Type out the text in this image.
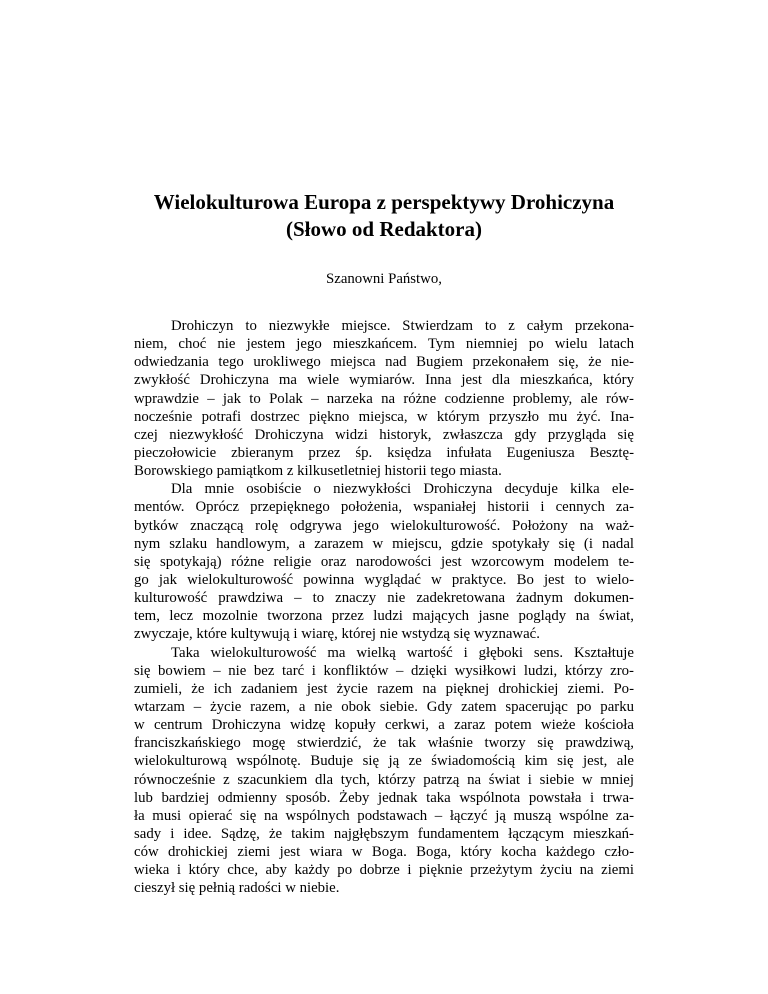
Wielokulturowa Europa z perspektywy Drohiczyna
(Słowo od Redaktora)
Szanowni Państwo,
Drohiczyn to niezwykłe miejsce. Stwierdzam to z całym przekona-
niem, choć nie jestem jego mieszkańcem. Tym niemniej po wielu latach
odwiedzania tego urokliwego miejsca nad Bugiem przekonałem się, że nie-
zwykłość Drohiczyna ma wiele wymiarów. Inna jest dla mieszkańca, który
wprawdzie – jak to Polak – narzeka na różne codzienne problemy, ale rów-
nocześnie potrafi dostrzec piękno miejsca, w którym przyszło mu żyć. Ina-
czej niezwykłość Drohiczyna widzi historyk, zwłaszcza gdy przygląda się
pieczołowicie zbieranym przez śp. księdza infułata Eugeniusza Besztę-
Borowskiego pamiątkom z kilkusetletniej historii tego miasta.
Dla mnie osobiście o niezwykłości Drohiczyna decyduje kilka ele-
mentów. Oprócz przepięknego położenia, wspaniałej historii i cennych za-
bytków znaczącą rolę odgrywa jego wielokulturowość. Położony na waż-
nym szlaku handlowym, a zarazem w miejscu, gdzie spotykały się (i nadal
się spotykają) różne religie oraz narodowości jest wzorcowym modelem te-
go jak wielokulturowość powinna wyglądać w praktyce. Bo jest to wielo-
kulturowość prawdziwa – to znaczy nie zadekretowana żadnym dokumen-
tem, lecz mozolnie tworzona przez ludzi mających jasne poglądy na świat,
zwyczaje, które kultywują i wiarę, której nie wstydzą się wyznawać.
Taka wielokulturowość ma wielką wartość i głęboki sens. Kształtuje
się bowiem – nie bez tarć i konfliktów – dzięki wysiłkowi ludzi, którzy zro-
zumieli, że ich zadaniem jest życie razem na pięknej drohickiej ziemi. Po-
wtarzam – życie razem, a nie obok siebie. Gdy zatem spacerując po parku
w centrum Drohiczyna widzę kopuły cerkwi, a zaraz potem wieże kościoła
franciszkańskiego mogę stwierdzić, że tak właśnie tworzy się prawdziwą,
wielokulturową wspólnotę. Buduje się ją ze świadomością kim się jest, ale
równocześnie z szacunkiem dla tych, którzy patrzą na świat i siebie w mniej
lub bardziej odmienny sposób. Żeby jednak taka wspólnota powstała i trwa-
ła musi opierać się na wspólnych podstawach – łączyć ją muszą wspólne za-
sady i idee. Sądzę, że takim najgłębszym fundamentem łączącym mieszkań-
ców drohickiej ziemi jest wiara w Boga. Boga, który kocha każdego czło-
wieka i który chce, aby każdy po dobrze i pięknie przeżytym życiu na ziemi
cieszył się pełnią radości w niebie.
